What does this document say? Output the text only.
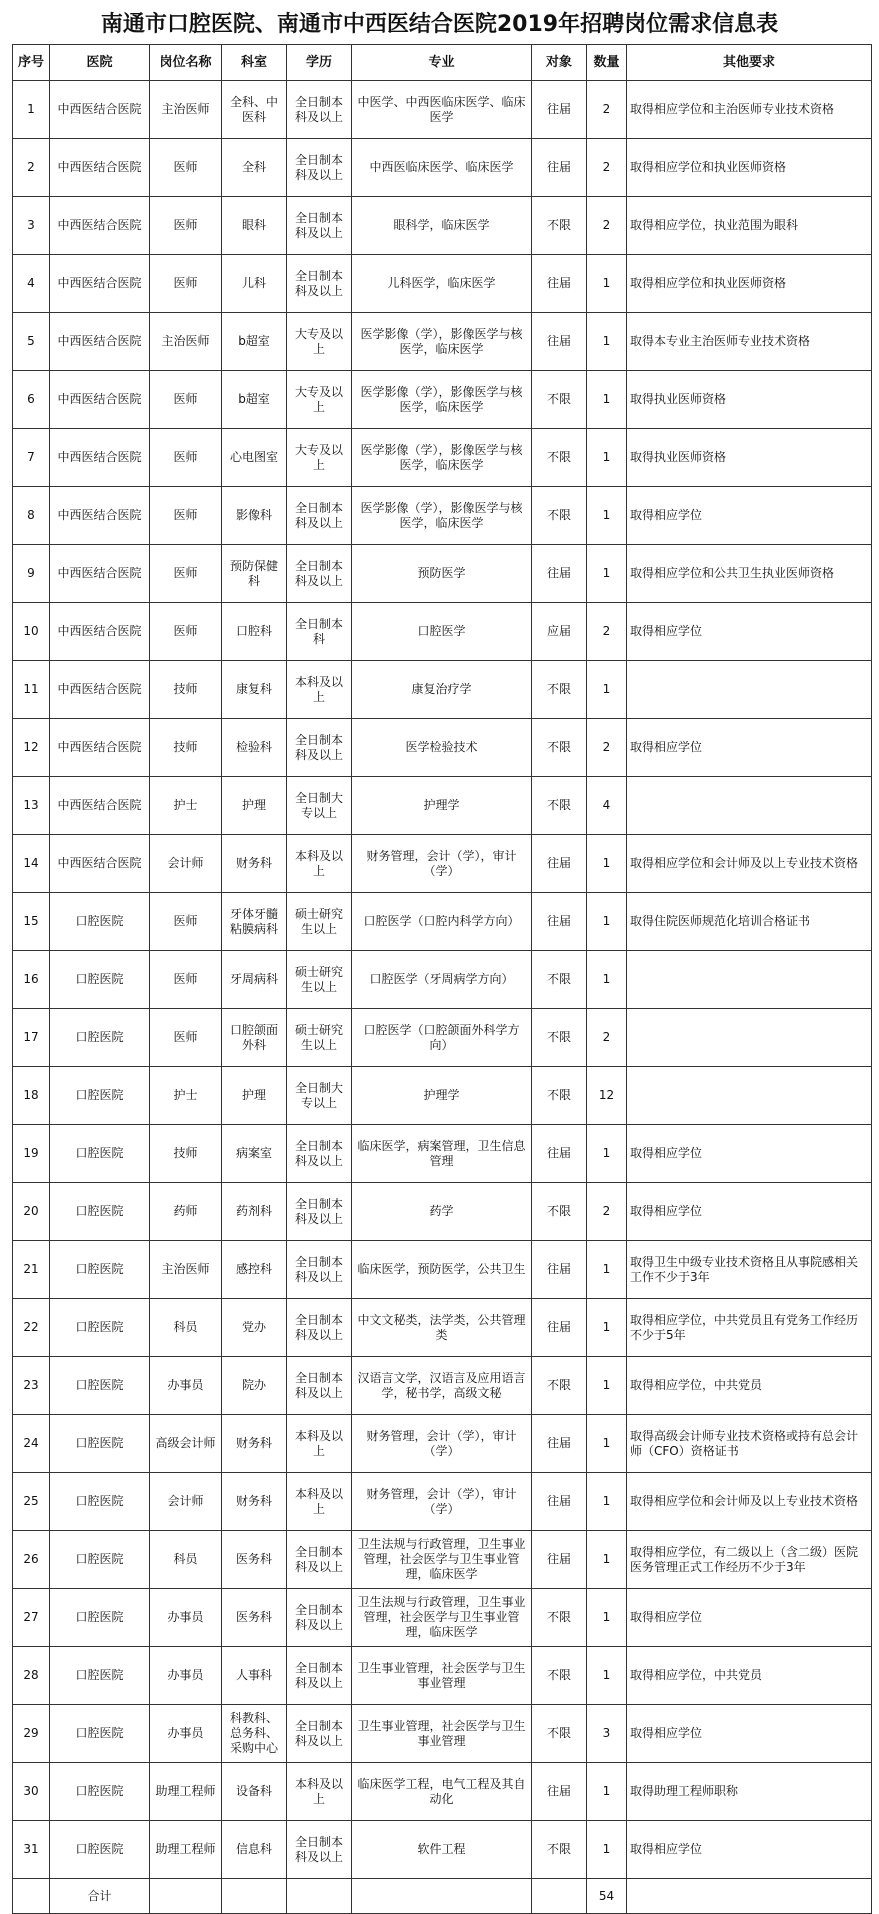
南通市口腔医院、南通市中西医结合医院2019年招聘岗位需求信息表
序号	医院	岗位名称	科室	学历	专业	对象	数量	其他要求
1	中西医结合医院	主治医师	全科、中医科	全日制本科及以上	中医学、中西医临床医学、临床医学	往届	2	取得相应学位和主治医师专业技术资格
2	中西医结合医院	医师	全科	全日制本科及以上	中西医临床医学、临床医学	往届	2	取得相应学位和执业医师资格
3	中西医结合医院	医师	眼科	全日制本科及以上	眼科学，临床医学	不限	2	取得相应学位，执业范围为眼科
4	中西医结合医院	医师	儿科	全日制本科及以上	儿科医学，临床医学	往届	1	取得相应学位和执业医师资格
5	中西医结合医院	主治医师	b超室	大专及以上	医学影像（学），影像医学与核医学，临床医学	往届	1	取得本专业主治医师专业技术资格
6	中西医结合医院	医师	b超室	大专及以上	医学影像（学），影像医学与核医学，临床医学	不限	1	取得执业医师资格
7	中西医结合医院	医师	心电图室	大专及以上	医学影像（学），影像医学与核医学，临床医学	不限	1	取得执业医师资格
8	中西医结合医院	医师	影像科	全日制本科及以上	医学影像（学），影像医学与核医学，临床医学	不限	1	取得相应学位
9	中西医结合医院	医师	预防保健科	全日制本科及以上	预防医学	往届	1	取得相应学位和公共卫生执业医师资格
10	中西医结合医院	医师	口腔科	全日制本科	口腔医学	应届	2	取得相应学位
11	中西医结合医院	技师	康复科	本科及以上	康复治疗学	不限	1	
12	中西医结合医院	技师	检验科	全日制本科及以上	医学检验技术	不限	2	取得相应学位
13	中西医结合医院	护士	护理	全日制大专以上	护理学	不限	4	
14	中西医结合医院	会计师	财务科	本科及以上	财务管理，会计（学），审计（学）	往届	1	取得相应学位和会计师及以上专业技术资格
15	口腔医院	医师	牙体牙髓粘膜病科	硕士研究生以上	口腔医学（口腔内科学方向）	往届	1	取得住院医师规范化培训合格证书
16	口腔医院	医师	牙周病科	硕士研究生以上	口腔医学（牙周病学方向）	不限	1	
17	口腔医院	医师	口腔颌面外科	硕士研究生以上	口腔医学（口腔颌面外科学方向）	不限	2	
18	口腔医院	护士	护理	全日制大专以上	护理学	不限	12	
19	口腔医院	技师	病案室	全日制本科及以上	临床医学，病案管理，卫生信息管理	往届	1	取得相应学位
20	口腔医院	药师	药剂科	全日制本科及以上	药学	不限	2	取得相应学位
21	口腔医院	主治医师	感控科	全日制本科及以上	临床医学，预防医学，公共卫生	往届	1	取得卫生中级专业技术资格且从事院感相关工作不少于3年
22	口腔医院	科员	党办	全日制本科及以上	中文文秘类，法学类，公共管理类	往届	1	取得相应学位，中共党员且有党务工作经历不少于5年
23	口腔医院	办事员	院办	全日制本科及以上	汉语言文学，汉语言及应用语言学，秘书学，高级文秘	不限	1	取得相应学位，中共党员
24	口腔医院	高级会计师	财务科	本科及以上	财务管理，会计（学），审计（学）	往届	1	取得高级会计师专业技术资格或持有总会计师（CFO）资格证书
25	口腔医院	会计师	财务科	本科及以上	财务管理，会计（学），审计（学）	往届	1	取得相应学位和会计师及以上专业技术资格
26	口腔医院	科员	医务科	全日制本科及以上	卫生法规与行政管理，卫生事业管理，社会医学与卫生事业管理，临床医学	往届	1	取得相应学位，有二级以上（含二级）医院医务管理正式工作经历不少于3年
27	口腔医院	办事员	医务科	全日制本科及以上	卫生法规与行政管理，卫生事业管理，社会医学与卫生事业管理，临床医学	不限	1	取得相应学位
28	口腔医院	办事员	人事科	全日制本科及以上	卫生事业管理，社会医学与卫生事业管理	不限	1	取得相应学位，中共党员
29	口腔医院	办事员	科教科、总务科、采购中心	全日制本科及以上	卫生事业管理，社会医学与卫生事业管理	不限	3	取得相应学位
30	口腔医院	助理工程师	设备科	本科及以上	临床医学工程，电气工程及其自动化	往届	1	取得助理工程师职称
31	口腔医院	助理工程师	信息科	全日制本科及以上	软件工程	不限	1	取得相应学位
	合计						54	
